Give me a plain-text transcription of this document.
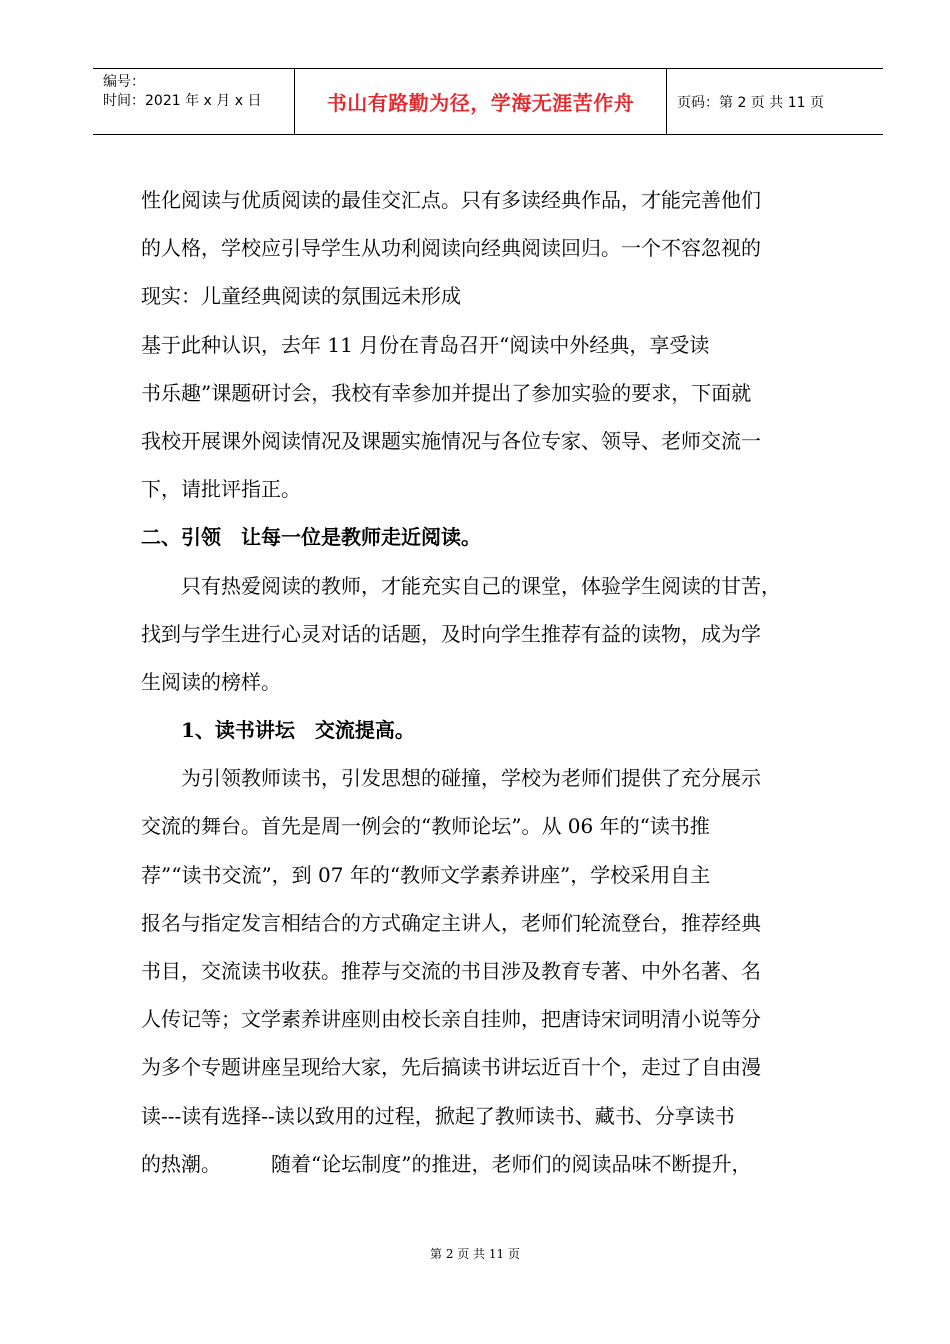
编号：
时间：2021 年 x 月 x 日	书山有路勤为径，学海无涯苦作舟	页码：第 2 页 共 11 页
性化阅读与优质阅读的最佳交汇点。只有多读经典作品，才能完善他们
的人格，学校应引导学生从功利阅读向经典阅读回归。一个不容忽视的
现实：儿童经典阅读的氛围远未形成
基于此种认识，去年 11 月份在青岛召开“阅读中外经典，享受读
书乐趣”课题研讨会，我校有幸参加并提出了参加实验的要求，下面就
我校开展课外阅读情况及课题实施情况与各位专家、领导、老师交流一
下，请批评指正。
二、引领　让每一位是教师走近阅读。
　　只有热爱阅读的教师，才能充实自己的课堂，体验学生阅读的甘苦，
找到与学生进行心灵对话的话题，及时向学生推荐有益的读物，成为学
生阅读的榜样。
　　1、读书讲坛　交流提高。
　　为引领教师读书，引发思想的碰撞，学校为老师们提供了充分展示
交流的舞台。首先是周一例会的“教师论坛”。从 06 年的“读书推
荐”“读书交流”，到 07 年的“教师文学素养讲座”，学校采用自主
报名与指定发言相结合的方式确定主讲人，老师们轮流登台，推荐经典
书目，交流读书收获。推荐与交流的书目涉及教育专著、中外名著、名
人传记等；文学素养讲座则由校长亲自挂帅，把唐诗宋词明清小说等分
为多个专题讲座呈现给大家，先后搞读书讲坛近百十个，走过了自由漫
读---读有选择--读以致用的过程，掀起了教师读书、藏书、分享读书
的热潮。　　　随着“论坛制度”的推进，老师们的阅读品味不断提升，
第 2 页 共 11 页
